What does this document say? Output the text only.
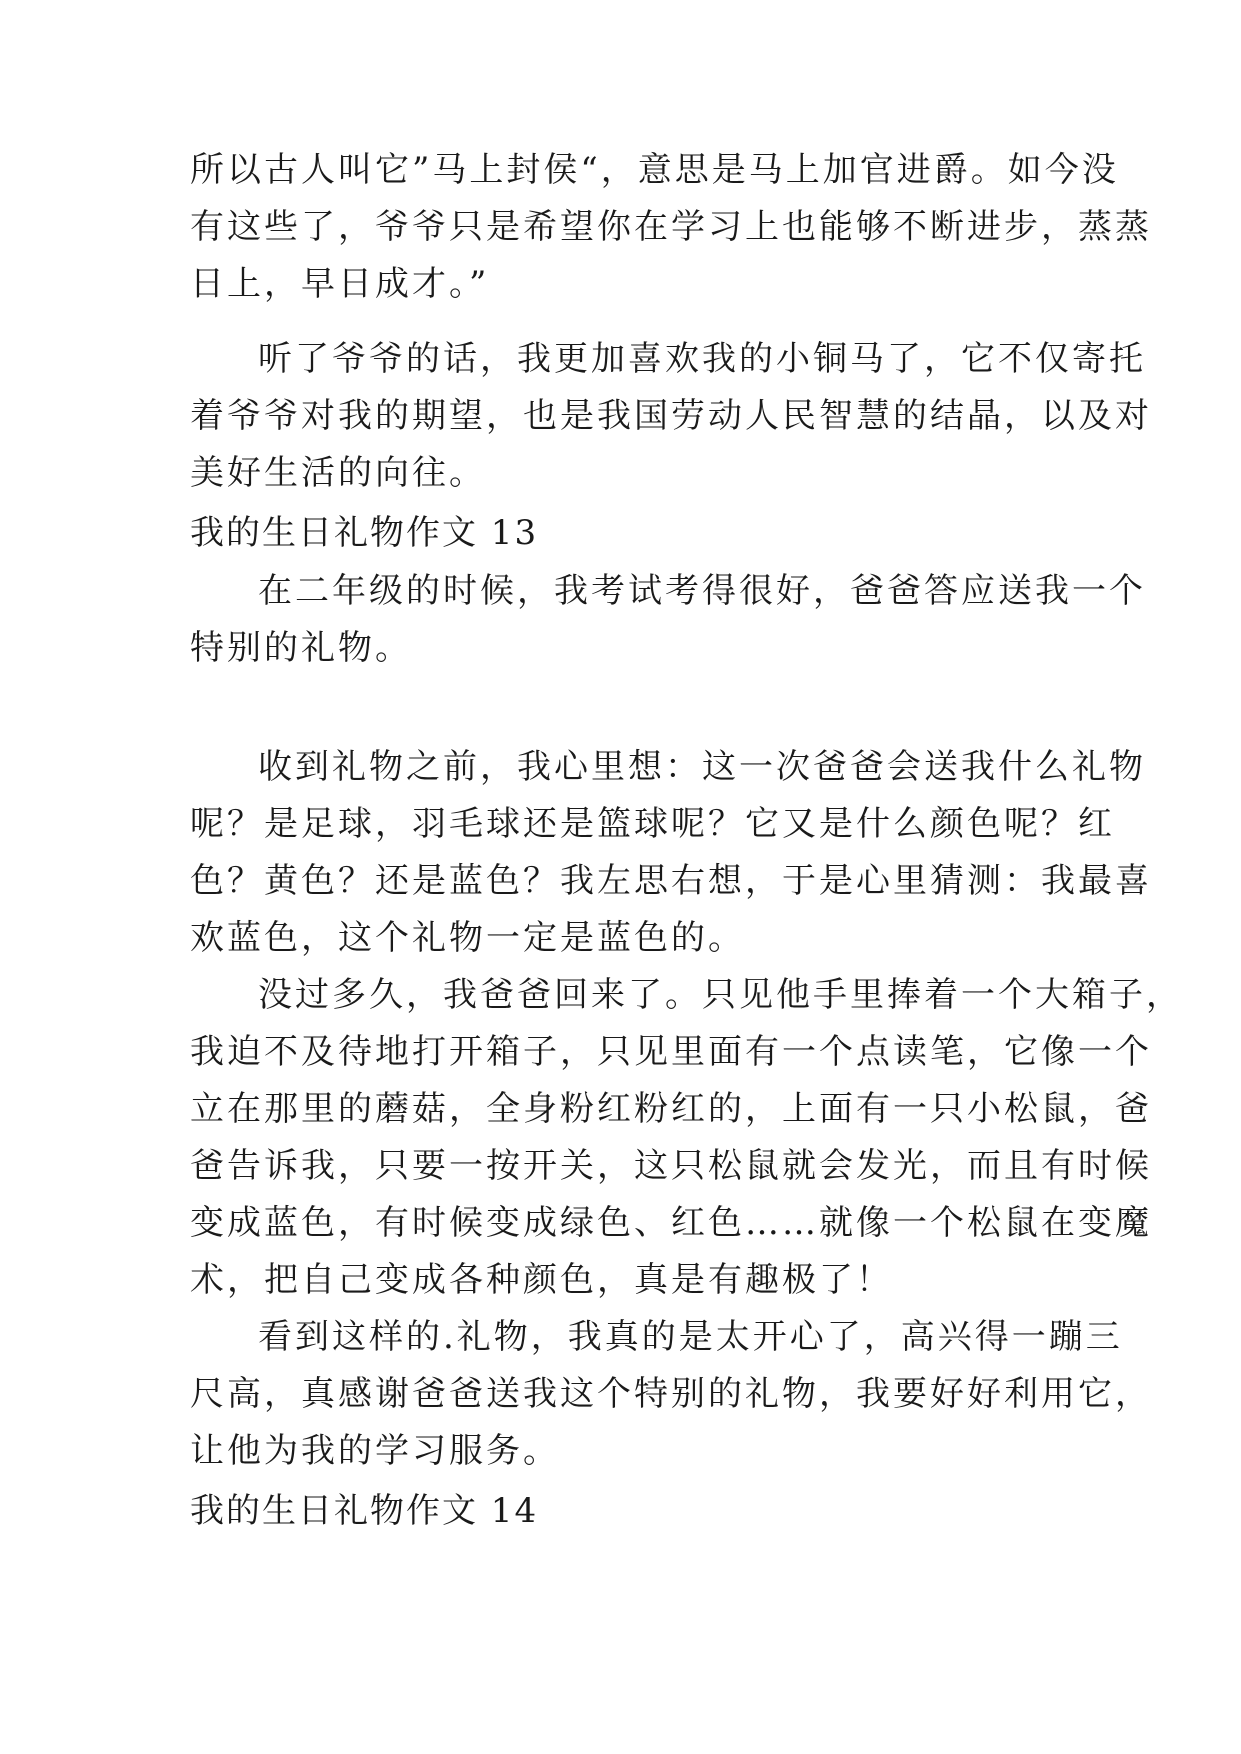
所以古人叫它”马上封侯“，意思是马上加官进爵。如今没
有这些了，爷爷只是希望你在学习上也能够不断进步，蒸蒸
日上，早日成才。”
听了爷爷的话，我更加喜欢我的小铜马了，它不仅寄托
着爷爷对我的期望，也是我国劳动人民智慧的结晶，以及对
美好生活的向往。
我的生日礼物作文 13
在二年级的时候，我考试考得很好，爸爸答应送我一个
特别的礼物。
收到礼物之前，我心里想：这一次爸爸会送我什么礼物
呢？是足球，羽毛球还是篮球呢？它又是什么颜色呢？红
色？黄色？还是蓝色？我左思右想，于是心里猜测：我最喜
欢蓝色，这个礼物一定是蓝色的。
没过多久，我爸爸回来了。只见他手里捧着一个大箱子，
我迫不及待地打开箱子，只见里面有一个点读笔，它像一个
立在那里的蘑菇，全身粉红粉红的，上面有一只小松鼠，爸
爸告诉我，只要一按开关，这只松鼠就会发光，而且有时候
变成蓝色，有时候变成绿色、红色……就像一个松鼠在变魔
术，把自己变成各种颜色，真是有趣极了！
看到这样的.礼物，我真的是太开心了，高兴得一蹦三
尺高，真感谢爸爸送我这个特别的礼物，我要好好利用它，
让他为我的学习服务。
我的生日礼物作文 14
